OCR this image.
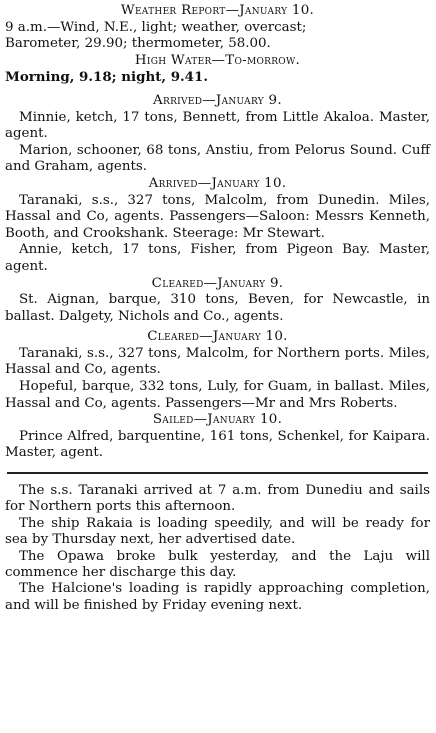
Weather Report—January 10.

9 a.m.—Wind, N.E., light; weather, overcast;

Barometer, 29.90; thermometer, 58.00.

High Water—To-morrow.

Morning, 9.18; night, 9.41.

Arrived—January 9.

Minnie, ketch, 17 tons, Bennett, from Little Akaloa. Master, agent.

Marion, schooner, 68 tons, Anstiu, from Pelorus Sound. Cuff and Graham, agents.

Arrived—January 10.

Taranaki, s.s., 327 tons, Malcolm, from Dunedin. Miles, Hassal and Co, agents. Passengers—Saloon: Messrs Kenneth, Booth, and Crookshank. Steerage: Mr Stewart.

Annie, ketch, 17 tons, Fisher, from Pigeon Bay. Master, agent.

Cleared—January 9.

St. Aignan, barque, 310 tons, Beven, for Newcastle, in ballast. Dalgety, Nichols and Co., agents.

Cleared—January 10.

Taranaki, s.s., 327 tons, Malcolm, for Northern ports. Miles, Hassal and Co, agents.

Hopeful, barque, 332 tons, Luly, for Guam, in ballast. Miles, Hassal and Co, agents. Passengers—Mr and Mrs Roberts.

Sailed—January 10.

Prince Alfred, barquentine, 161 tons, Schenkel, for Kaipara. Master, agent.

The s.s. Taranaki arrived at 7 a.m. from Dunediu and sails for Northern ports this afternoon.

The ship Rakaia is loading speedily, and will be ready for sea by Thursday next, her advertised date.

The Opawa broke bulk yesterday, and the Laju will commence her discharge this day.

The Halcione's loading is rapidly approaching completion, and will be finished by Friday evening next.
